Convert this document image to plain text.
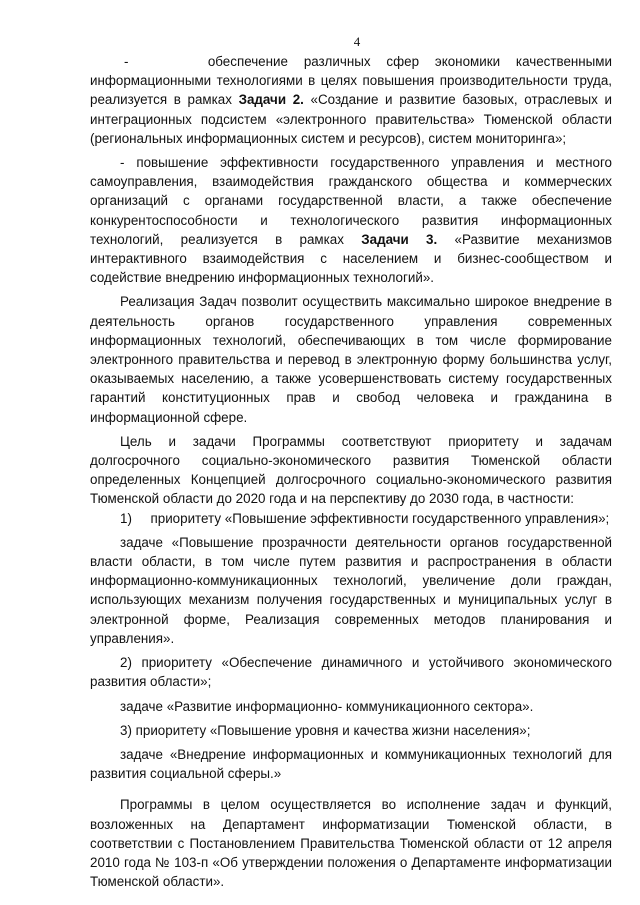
4

-     обеспечение различных сфер экономики качественными информационными технологиями в целях повышения производительности труда, реализуется в рамках Задачи 2. «Создание и развитие базовых, отраслевых и интеграционных подсистем «электронного правительства» Тюменской области (региональных информационных систем и ресурсов), систем мониторинга»;

- повышение эффективности государственного управления и местного самоуправления, взаимодействия гражданского общества и коммерческих организаций с органами государственной власти, а также обеспечение конкурентоспособности и технологического развития информационных технологий, реализуется в рамках Задачи 3. «Развитие механизмов интерактивного взаимодействия с населением и бизнес-сообществом и содействие внедрению информационных технологий».

Реализация Задач позволит осуществить максимально широкое внедрение в деятельность органов государственного управления современных информационных технологий, обеспечивающих в том числе формирование электронного правительства и перевод в электронную форму большинства услуг, оказываемых населению, а также усовершенствовать систему государственных гарантий конституционных прав и свобод человека и гражданина в информационной сфере.

Цель и задачи Программы соответствуют приоритету и задачам долгосрочного социально-экономического развития Тюменской области определенных Концепцией долгосрочного социально-экономического развития Тюменской области до 2020 года и на перспективу до 2030 года, в частности:

1)     приоритету «Повышение эффективности государственного управления»;

задаче «Повышение прозрачности деятельности органов государственной власти области, в том числе путем развития и распространения в области информационно-коммуникационных технологий, увеличение доли граждан, использующих механизм получения государственных и муниципальных услуг в электронной форме, Реализация современных методов планирования и управления».

2) приоритету «Обеспечение динамичного и устойчивого экономического развития области»;

задаче «Развитие информационно- коммуникационного сектора».

3) приоритету «Повышение уровня и качества жизни населения»;

задаче «Внедрение информационных и коммуникационных технологий для развития социальной сферы.»

Программы в целом осуществляется во исполнение задач и функций, возложенных на Департамент информатизации Тюменской области, в соответствии с Постановлением Правительства Тюменской области от 12 апреля 2010 года № 103-п «Об утверждении положения о Департаменте информатизации Тюменской области».
